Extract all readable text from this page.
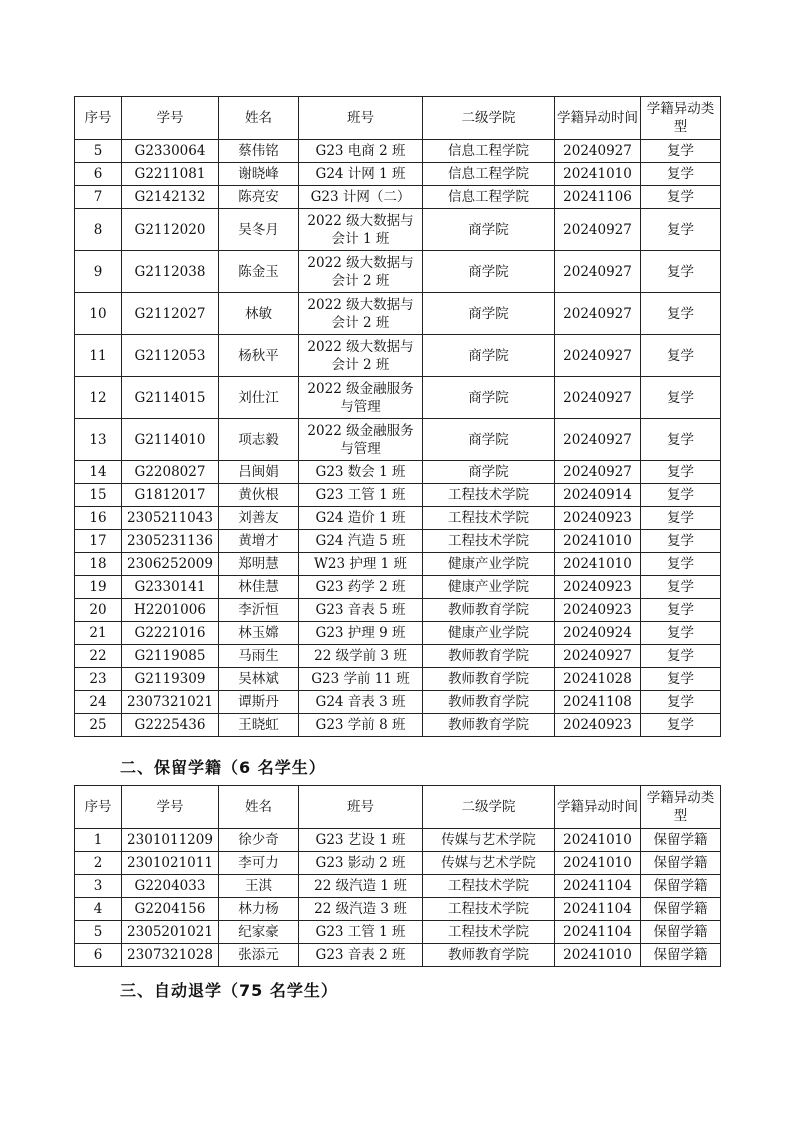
序号	学号	姓名	班号	二级学院	学籍异动时间	学籍异动类型
5	G2330064	蔡伟铭	G23 电商 2 班	信息工程学院	20240927	复学
6	G2211081	谢晓峰	G24 计网 1 班	信息工程学院	20241010	复学
7	G2142132	陈亮安	G23 计网（二）	信息工程学院	20241106	复学
8	G2112020	吴冬月	2022 级大数据与会计 1 班	商学院	20240927	复学
9	G2112038	陈金玉	2022 级大数据与会计 2 班	商学院	20240927	复学
10	G2112027	林敏	2022 级大数据与会计 2 班	商学院	20240927	复学
11	G2112053	杨秋平	2022 级大数据与会计 2 班	商学院	20240927	复学
12	G2114015	刘仕江	2022 级金融服务与管理	商学院	20240927	复学
13	G2114010	项志毅	2022 级金融服务与管理	商学院	20240927	复学
14	G2208027	吕闽娟	G23 数会 1 班	商学院	20240927	复学
15	G1812017	黄伙根	G23 工管 1 班	工程技术学院	20240914	复学
16	2305211043	刘善友	G24 造价 1 班	工程技术学院	20240923	复学
17	2305231136	黄增才	G24 汽造 5 班	工程技术学院	20241010	复学
18	2306252009	郑明慧	W23 护理 1 班	健康产业学院	20241010	复学
19	G2330141	林佳慧	G23 药学 2 班	健康产业学院	20240923	复学
20	H2201006	李沂恒	G23 音表 5 班	教师教育学院	20240923	复学
21	G2221016	林玉嫦	G23 护理 9 班	健康产业学院	20240924	复学
22	G2119085	马雨生	22 级学前 3 班	教师教育学院	20240927	复学
23	G2119309	吴林斌	G23 学前 11 班	教师教育学院	20241028	复学
24	2307321021	谭斯丹	G24 音表 3 班	教师教育学院	20241108	复学
25	G2225436	王晓虹	G23 学前 8 班	教师教育学院	20240923	复学
二、保留学籍（6 名学生）
序号	学号	姓名	班号	二级学院	学籍异动时间	学籍异动类型
1	2301011209	徐少奇	G23 艺设 1 班	传媒与艺术学院	20241010	保留学籍
2	2301021011	李可力	G23 影动 2 班	传媒与艺术学院	20241010	保留学籍
3	G2204033	王淇	22 级汽造 1 班	工程技术学院	20241104	保留学籍
4	G2204156	林力杨	22 级汽造 3 班	工程技术学院	20241104	保留学籍
5	2305201021	纪家豪	G23 工管 1 班	工程技术学院	20241104	保留学籍
6	2307321028	张添元	G23 音表 2 班	教师教育学院	20241010	保留学籍
三、自动退学（75 名学生）
